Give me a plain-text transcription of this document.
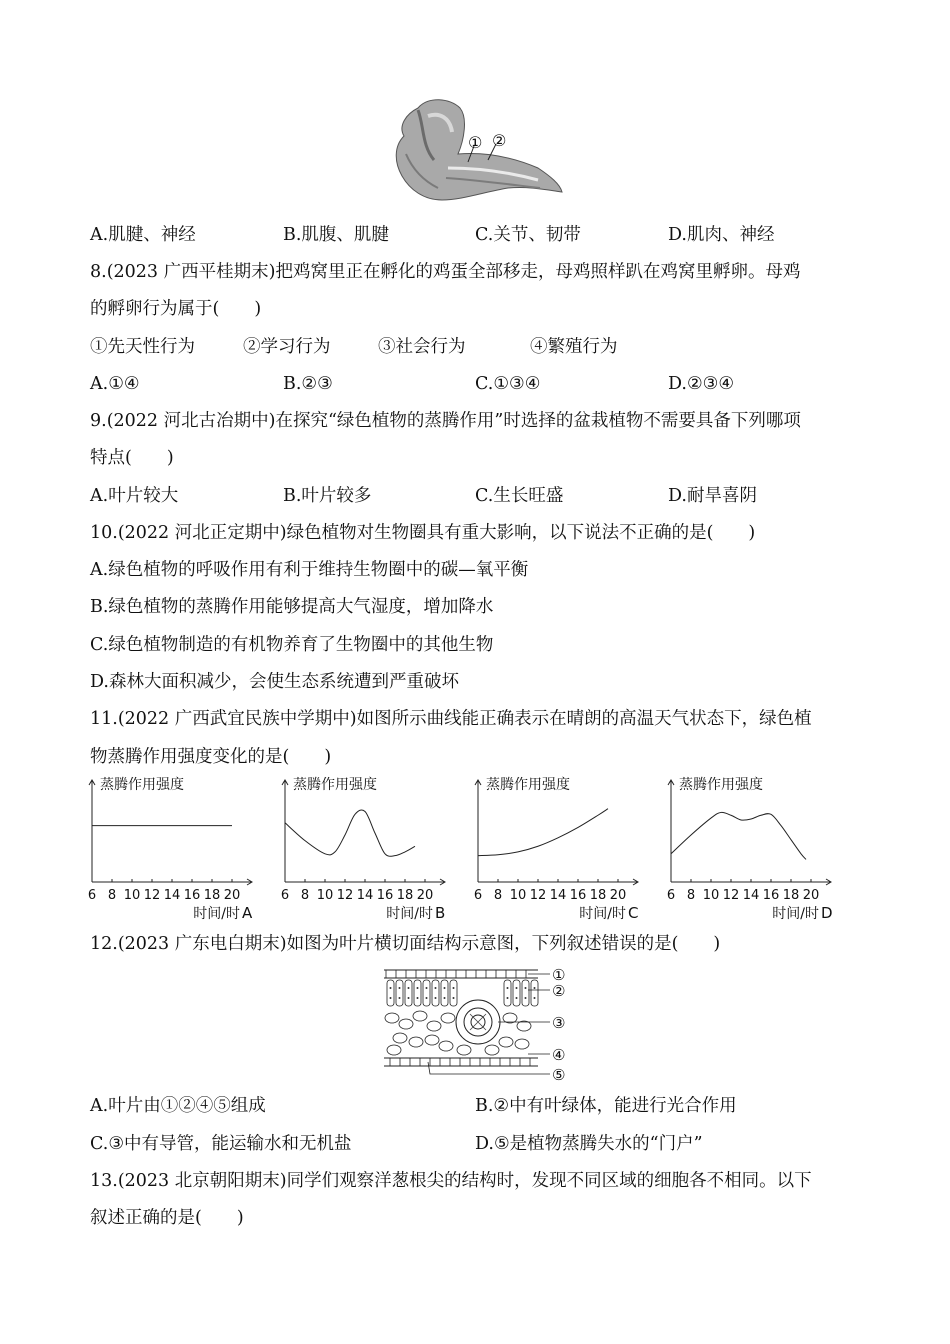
① ②
A.肌腱、神经	B.肌腹、肌腱	C.关节、韧带	D.肌肉、神经
8.(2023 广西平桂期末)把鸡窝里正在孵化的鸡蛋全部移走，母鸡照样趴在鸡窝里孵卵。母鸡
的孵卵行为属于(　　)
①先天性行为	②学习行为	③社会行为	④繁殖行为
A.①④	B.②③	C.①③④	D.②③④
9.(2022 河北古冶期中)在探究“绿色植物的蒸腾作用”时选择的盆栽植物不需要具备下列哪项
特点(　　)
A.叶片较大	B.叶片较多	C.生长旺盛	D.耐旱喜阴
10.(2022 河北正定期中)绿色植物对生物圈具有重大影响，以下说法不正确的是(　　)
A.绿色植物的呼吸作用有利于维持生物圈中的碳—氧平衡
B.绿色植物的蒸腾作用能够提高大气湿度，增加降水
C.绿色植物制造的有机物养育了生物圈中的其他生物
D.森林大面积减少，会使生态系统遭到严重破坏
11.(2022 广西武宜民族中学期中)如图所示曲线能正确表示在晴朗的高温天气状态下，绿色植
物蒸腾作用强度变化的是(　　)
蒸腾作用强度
6 8 10 12 14 16 18 20
时间/时 A
蒸腾作用强度
6 8 10 12 14 16 18 20
时间/时 B
蒸腾作用强度
6 8 10 12 14 16 18 20
时间/时 C
蒸腾作用强度
6 8 10 12 14 16 18 20
时间/时 D
12.(2023 广东电白期末)如图为叶片横切面结构示意图，下列叙述错误的是(　　)
①
②
③
④
⑤
A.叶片由①②④⑤组成	B.②中有叶绿体，能进行光合作用
C.③中有导管，能运输水和无机盐	D.⑤是植物蒸腾失水的“门户”
13.(2023 北京朝阳期末)同学们观察洋葱根尖的结构时，发现不同区域的细胞各不相同。以下
叙述正确的是(　　)
